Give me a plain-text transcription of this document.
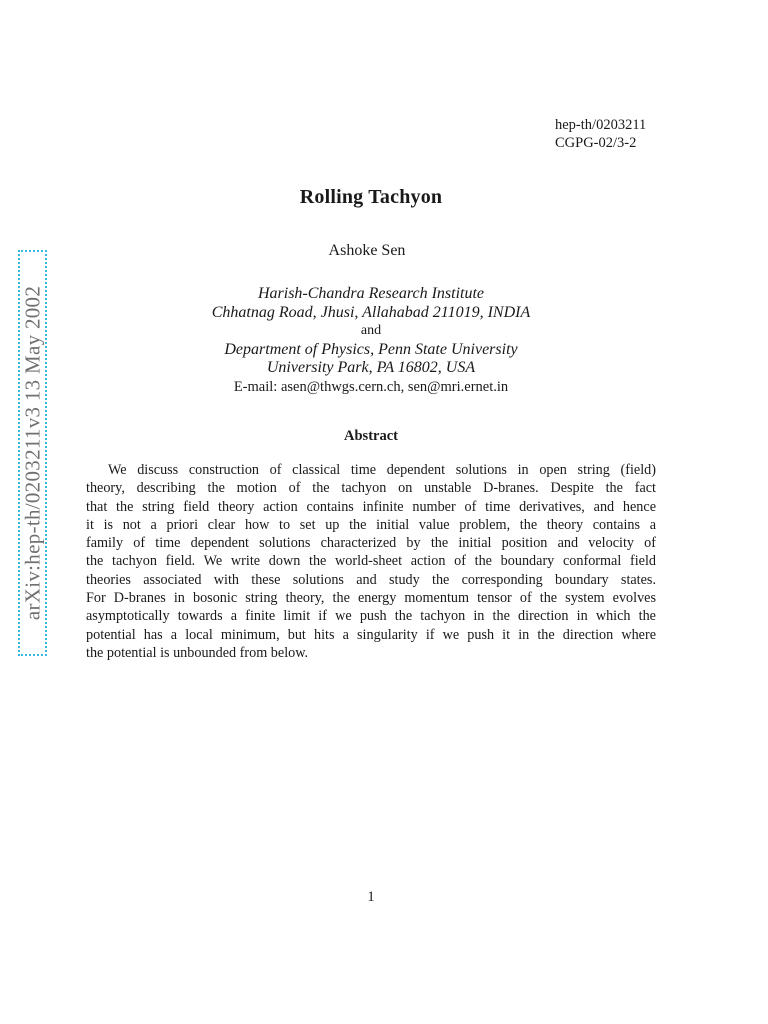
arXiv:hep-th/0203211v3 13 May 2002
hep-th/0203211
CGPG-02/3-2
Rolling Tachyon
Ashoke Sen
Harish-Chandra Research Institute
Chhatnag Road, Jhusi, Allahabad 211019, INDIA
and
Department of Physics, Penn State University
University Park, PA 16802, USA
E-mail: asen@thwgs.cern.ch, sen@mri.ernet.in
Abstract
We discuss construction of classical time dependent solutions in open string (field)
theory, describing the motion of the tachyon on unstable D-branes. Despite the fact
that the string field theory action contains infinite number of time derivatives, and hence
it is not a priori clear how to set up the initial value problem, the theory contains a
family of time dependent solutions characterized by the initial position and velocity of
the tachyon field. We write down the world-sheet action of the boundary conformal field
theories associated with these solutions and study the corresponding boundary states.
For D-branes in bosonic string theory, the energy momentum tensor of the system evolves
asymptotically towards a finite limit if we push the tachyon in the direction in which the
potential has a local minimum, but hits a singularity if we push it in the direction where
the potential is unbounded from below.
1
